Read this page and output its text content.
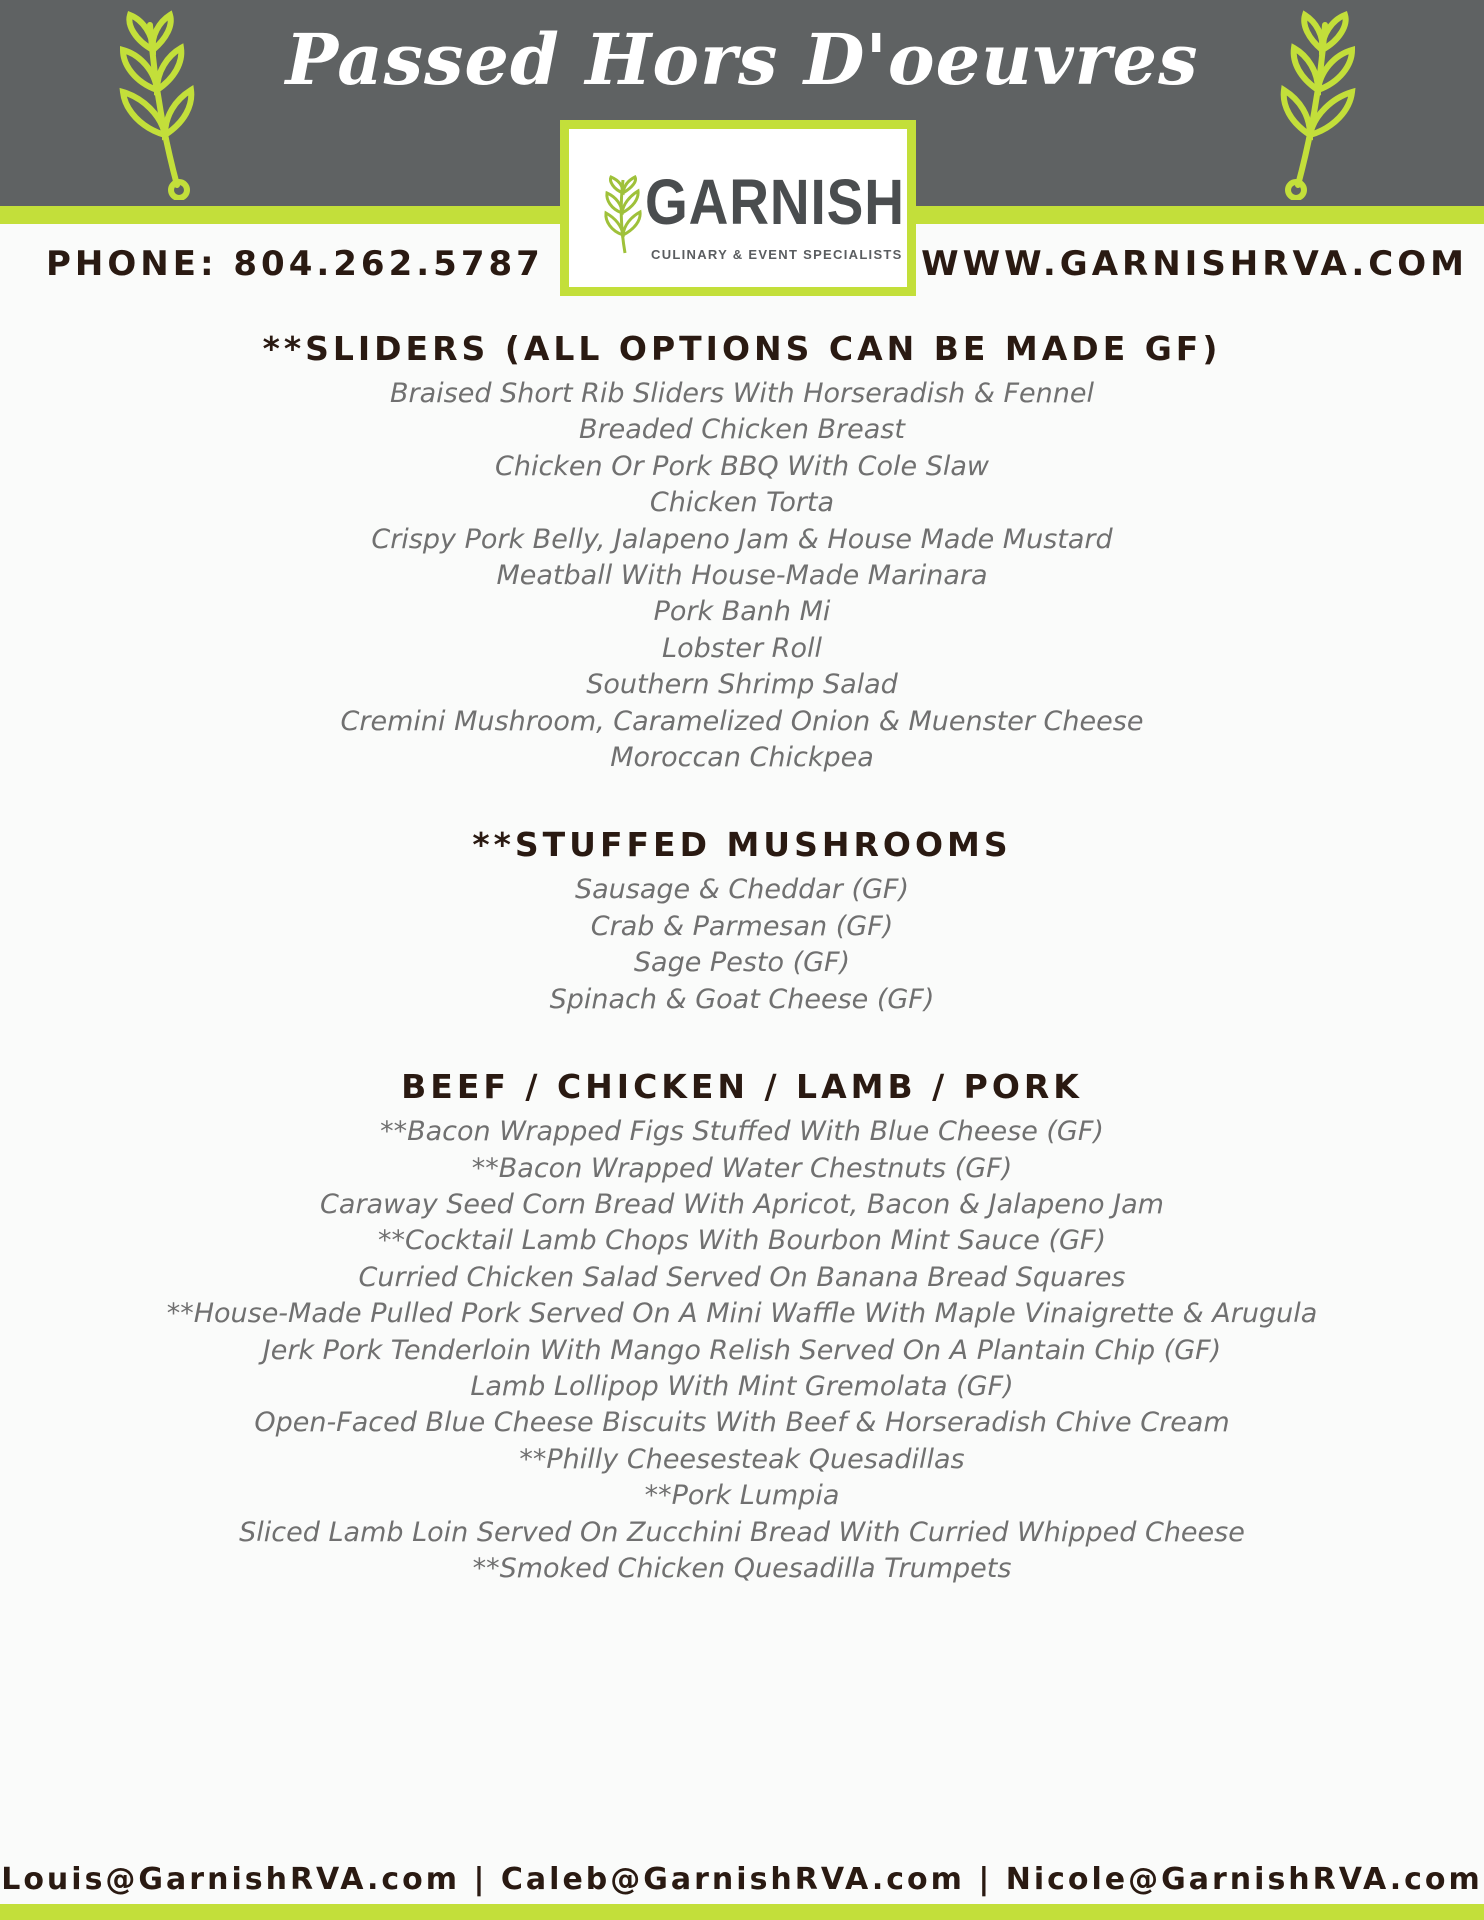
Passed Hors D'oeuvres
GARNISH
CULINARY & EVENT SPECIALISTS

PHONE: 804.262.5787	WWW.GARNISHRVA.COM

**SLIDERS (ALL OPTIONS CAN BE MADE GF)

Braised Short Rib Sliders With Horseradish & Fennel

Breaded Chicken Breast

Chicken Or Pork BBQ With Cole Slaw

Chicken Torta

Crispy Pork Belly, Jalapeno Jam & House Made Mustard

Meatball With House-Made Marinara

Pork Banh Mi

Lobster Roll

Southern Shrimp Salad

Cremini Mushroom, Caramelized Onion & Muenster Cheese

Moroccan Chickpea

**STUFFED MUSHROOMS

Sausage & Cheddar (GF)

Crab & Parmesan (GF)

Sage Pesto (GF)

Spinach & Goat Cheese (GF)

BEEF / CHICKEN / LAMB / PORK

**Bacon Wrapped Figs Stuffed With Blue Cheese (GF)

**Bacon Wrapped Water Chestnuts (GF)

Caraway Seed Corn Bread With Apricot, Bacon & Jalapeno Jam

**Cocktail Lamb Chops With Bourbon Mint Sauce (GF)

Curried Chicken Salad Served On Banana Bread Squares

**House-Made Pulled Pork Served On A Mini Waffle With Maple Vinaigrette & Arugula

Jerk Pork Tenderloin With Mango Relish Served On A Plantain Chip (GF)

Lamb Lollipop With Mint Gremolata (GF)

Open-Faced Blue Cheese Biscuits With Beef & Horseradish Chive Cream

**Philly Cheesesteak Quesadillas

**Pork Lumpia

Sliced Lamb Loin Served On Zucchini Bread With Curried Whipped Cheese

**Smoked Chicken Quesadilla Trumpets

Louis@GarnishRVA.com | Caleb@GarnishRVA.com | Nicole@GarnishRVA.com
